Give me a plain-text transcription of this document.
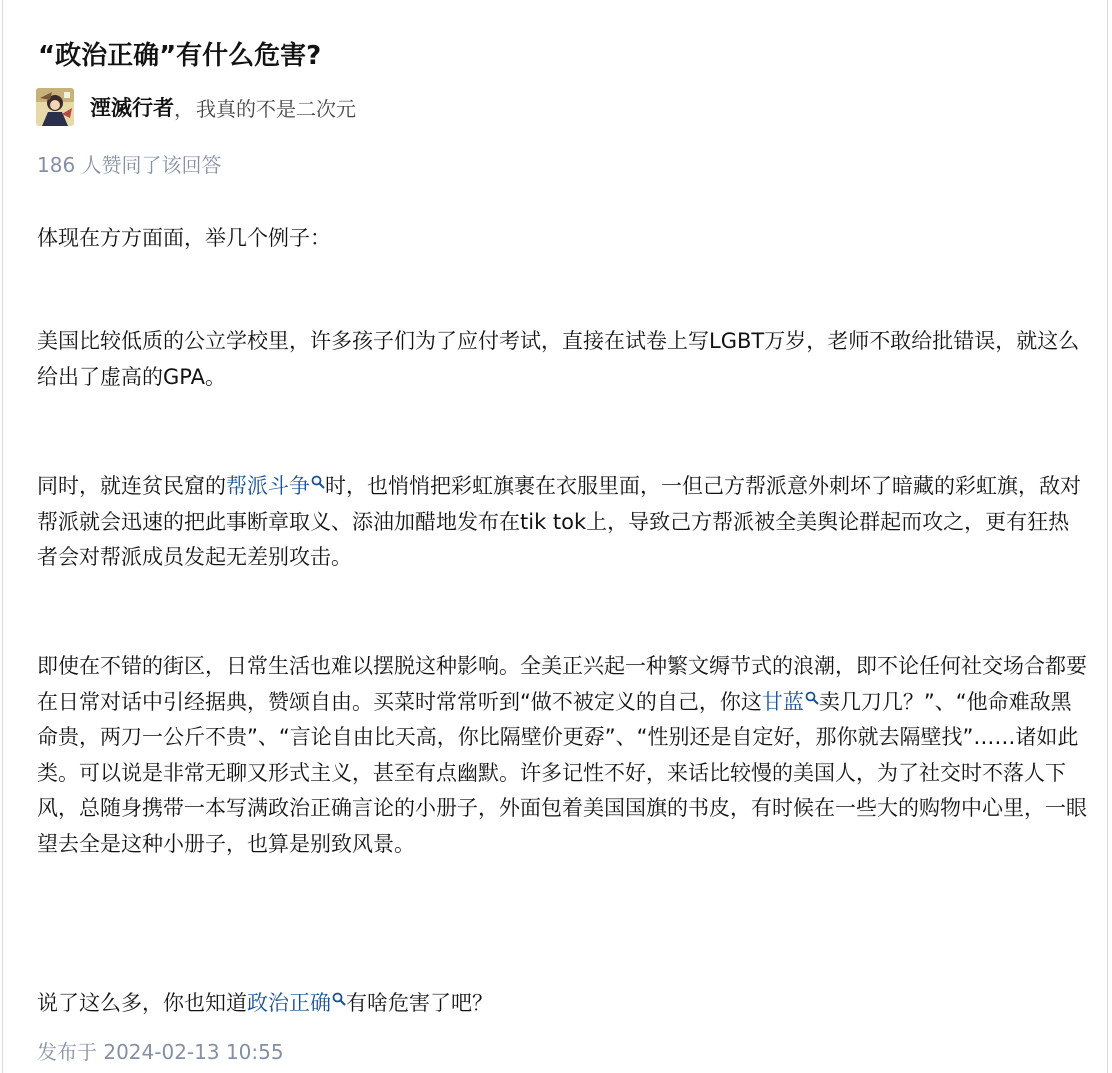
“政治正确”有什么危害?
湮滅行者 ， 我真的不是二次元
186 人赞同了该回答

体现在方方面面，举几个例子：

美国比较低质的公立学校里，许多孩子们为了应付考试，直接在试卷上写LGBT万岁，老师不敢给批错误，就这么给出了虚高的GPA。

同时，就连贫民窟的帮派斗争 时，也悄悄把彩虹旗裹在衣服里面，一但己方帮派意外刺坏了暗藏的彩虹旗，敌对帮派就会迅速的把此事断章取义、添油加醋地发布在tik tok上，导致己方帮派被全美舆论群起而攻之，更有狂热者会对帮派成员发起无差别攻击。

即使在不错的街区，日常生活也难以摆脱这种影响。全美正兴起一种繁文缛节式的浪潮，即不论任何社交场合都要在日常对话中引经据典，赞颂自由。买菜时常常听到“做不被定义的自己，你这甘蓝 卖几刀几？”、“他命难敌黑命贵，两刀一公斤不贵”、“言论自由比天高，你比隔壁价更孬”、“性别还是自定好，那你就去隔壁找”……诸如此类。可以说是非常无聊又形式主义，甚至有点幽默。许多记性不好，来话比较慢的美国人，为了社交时不落人下风，总随身携带一本写满政治正确言论的小册子，外面包着美国国旗的书皮，有时候在一些大的购物中心里，一眼望去全是这种小册子，也算是别致风景。

说了这么多，你也知道政治正确 有啥危害了吧？

发布于 2024-02-13 10:55
